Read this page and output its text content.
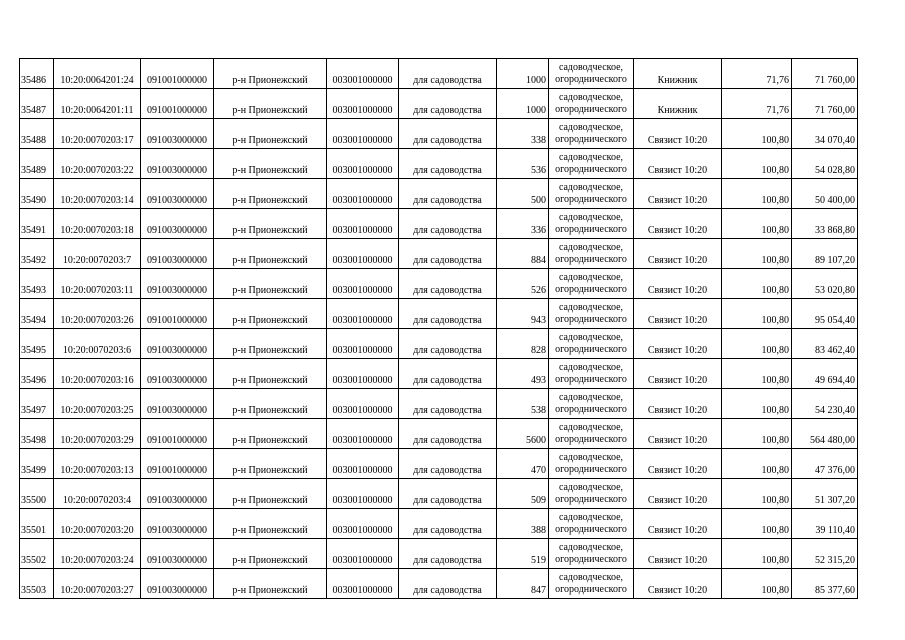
35486	10:20:0064201:24	091001000000	р-н Прионежский	003001000000	для садоводства	1000	садоводческое,
огороднического	Книжник	71,76	71 760,00
35487	10:20:0064201:11	091001000000	р-н Прионежский	003001000000	для садоводства	1000	садоводческое,
огороднического	Книжник	71,76	71 760,00
35488	10:20:0070203:17	091003000000	р-н Прионежский	003001000000	для садоводства	338	садоводческое,
огороднического	Связист 10:20	100,80	34 070,40
35489	10:20:0070203:22	091003000000	р-н Прионежский	003001000000	для садоводства	536	садоводческое,
огороднического	Связист 10:20	100,80	54 028,80
35490	10:20:0070203:14	091003000000	р-н Прионежский	003001000000	для садоводства	500	садоводческое,
огороднического	Связист 10:20	100,80	50 400,00
35491	10:20:0070203:18	091003000000	р-н Прионежский	003001000000	для садоводства	336	садоводческое,
огороднического	Связист 10:20	100,80	33 868,80
35492	10:20:0070203:7	091003000000	р-н Прионежский	003001000000	для садоводства	884	садоводческое,
огороднического	Связист 10:20	100,80	89 107,20
35493	10:20:0070203:11	091003000000	р-н Прионежский	003001000000	для садоводства	526	садоводческое,
огороднического	Связист 10:20	100,80	53 020,80
35494	10:20:0070203:26	091001000000	р-н Прионежский	003001000000	для садоводства	943	садоводческое,
огороднического	Связист 10:20	100,80	95 054,40
35495	10:20:0070203:6	091003000000	р-н Прионежский	003001000000	для садоводства	828	садоводческое,
огороднического	Связист 10:20	100,80	83 462,40
35496	10:20:0070203:16	091003000000	р-н Прионежский	003001000000	для садоводства	493	садоводческое,
огороднического	Связист 10:20	100,80	49 694,40
35497	10:20:0070203:25	091003000000	р-н Прионежский	003001000000	для садоводства	538	садоводческое,
огороднического	Связист 10:20	100,80	54 230,40
35498	10:20:0070203:29	091001000000	р-н Прионежский	003001000000	для садоводства	5600	садоводческое,
огороднического	Связист 10:20	100,80	564 480,00
35499	10:20:0070203:13	091001000000	р-н Прионежский	003001000000	для садоводства	470	садоводческое,
огороднического	Связист 10:20	100,80	47 376,00
35500	10:20:0070203:4	091003000000	р-н Прионежский	003001000000	для садоводства	509	садоводческое,
огороднического	Связист 10:20	100,80	51 307,20
35501	10:20:0070203:20	091003000000	р-н Прионежский	003001000000	для садоводства	388	садоводческое,
огороднического	Связист 10:20	100,80	39 110,40
35502	10:20:0070203:24	091003000000	р-н Прионежский	003001000000	для садоводства	519	садоводческое,
огороднического	Связист 10:20	100,80	52 315,20
35503	10:20:0070203:27	091003000000	р-н Прионежский	003001000000	для садоводства	847	садоводческое,
огороднического	Связист 10:20	100,80	85 377,60
